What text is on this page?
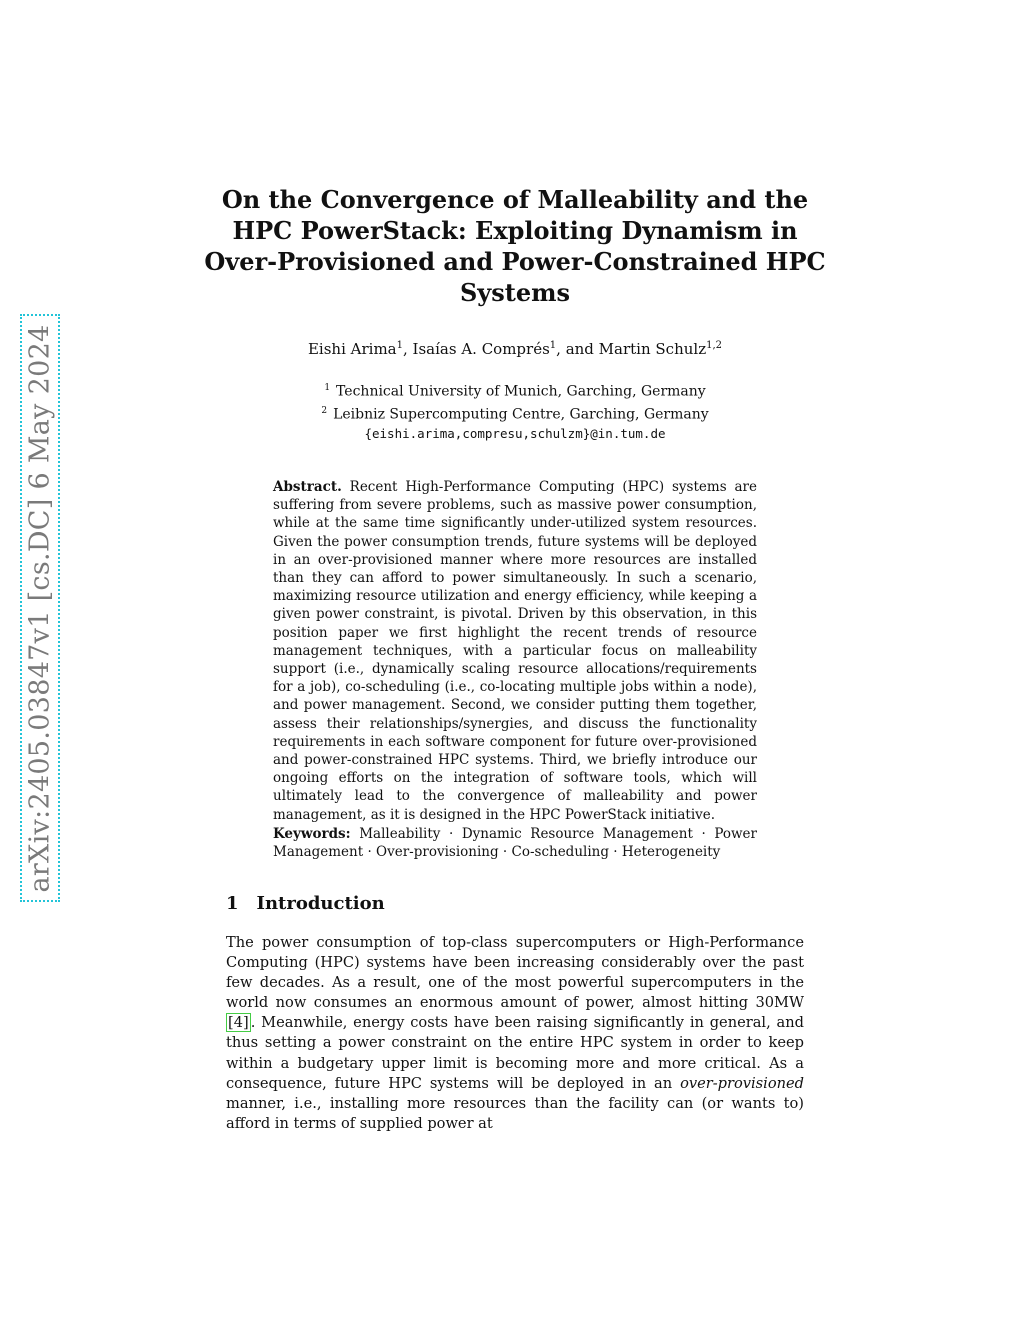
arXiv:2405.03847v1 [cs.DC] 6 May 2024
On the Convergence of Malleability and the HPC PowerStack: Exploiting Dynamism in Over-Provisioned and Power-Constrained HPC Systems

Eishi Arima$^1$, Isaías A. Comprés$^1$, and Martin Schulz$^{1,2}$

$^1$ Technical University of Munich, Garching, Germany
$^2$ Leibniz Supercomputing Centre, Garching, Germany
{eishi.arima,compresu,schulzm}@in.tum.de

Abstract. Recent High-Performance Computing (HPC) systems are suffering from severe problems, such as massive power consumption, while at the same time significantly under-utilized system resources. Given the power consumption trends, future systems will be deployed in an over-provisioned manner where more resources are installed than they can afford to power simultaneously. In such a scenario, maximizing resource utilization and energy efficiency, while keeping a given power constraint, is pivotal. Driven by this observation, in this position paper we first highlight the recent trends of resource management techniques, with a particular focus on malleability support (i.e., dynamically scaling resource allocations/requirements for a job), co-scheduling (i.e., co-locating multiple jobs within a node), and power management. Second, we consider putting them together, assess their relationships/synergies, and discuss the functionality requirements in each software component for future over-provisioned and power-constrained HPC systems. Third, we briefly introduce our ongoing efforts on the integration of software tools, which will ultimately lead to the convergence of malleability and power management, as it is designed in the HPC PowerStack initiative.

Keywords: Malleability · Dynamic Resource Management · Power Management · Over-provisioning · Co-scheduling · Heterogeneity

1 Introduction

The power consumption of top-class supercomputers or High-Performance Computing (HPC) systems have been increasing considerably over the past few decades. As a result, one of the most powerful supercomputers in the world now consumes an enormous amount of power, almost hitting 30MW [4] . Meanwhile, energy costs have been raising significantly in general, and thus setting a power constraint on the entire HPC system in order to keep within a budgetary upper limit is becoming more and more critical. As a consequence, future HPC systems will be deployed in an over-provisioned manner, i.e., installing more resources than the facility can (or wants to) afford in terms of supplied power at
